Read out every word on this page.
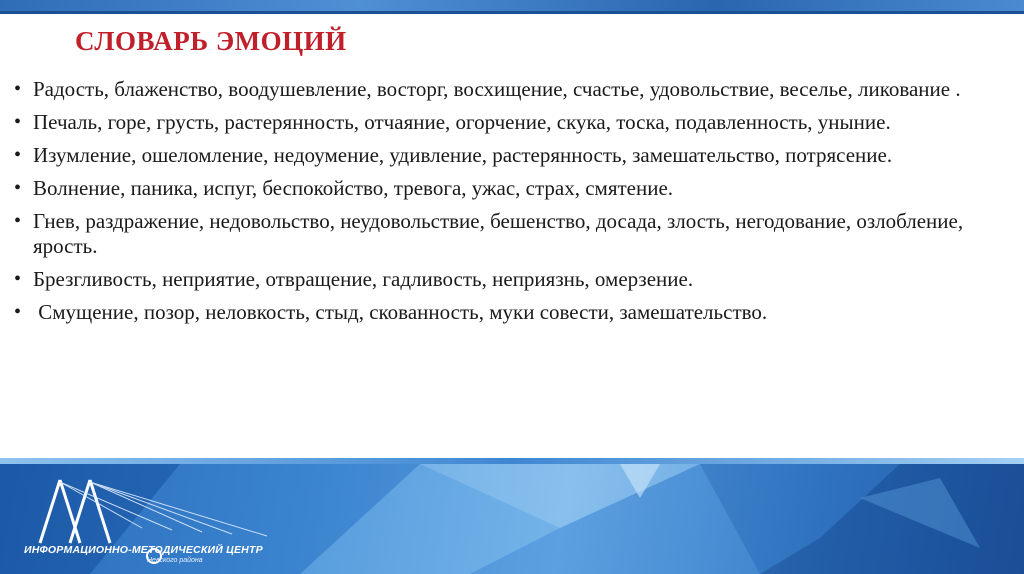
СЛОВАРЬ ЭМОЦИЙ
• Радость, блаженство, воодушевление, восторг, восхищение, счастье, удовольствие, веселье, ликование .
• Печаль, горе, грусть, растерянность, отчаяние, огорчение, скука, тоска, подавленность, уныние.
• Изумление, ошеломление, недоумение, удивление, растерянность, замешательство, потрясение.
• Волнение, паника, испуг, беспокойство, тревога, ужас, страх, смятение.
• Гнев, раздражение, недовольство, неудовольствие, бешенство, досада, злость, негодование, озлобление, ярость.
• Брезгливость, неприятие, отвращение, гадливость, неприязнь, омерзение.
• Смущение, позор, неловкость, стыд, скованность, муки совести, замешательство.
ИНФОРМАЦИОННО-МЕТОДИЧЕСКИЙ ЦЕНТР
Невского района
